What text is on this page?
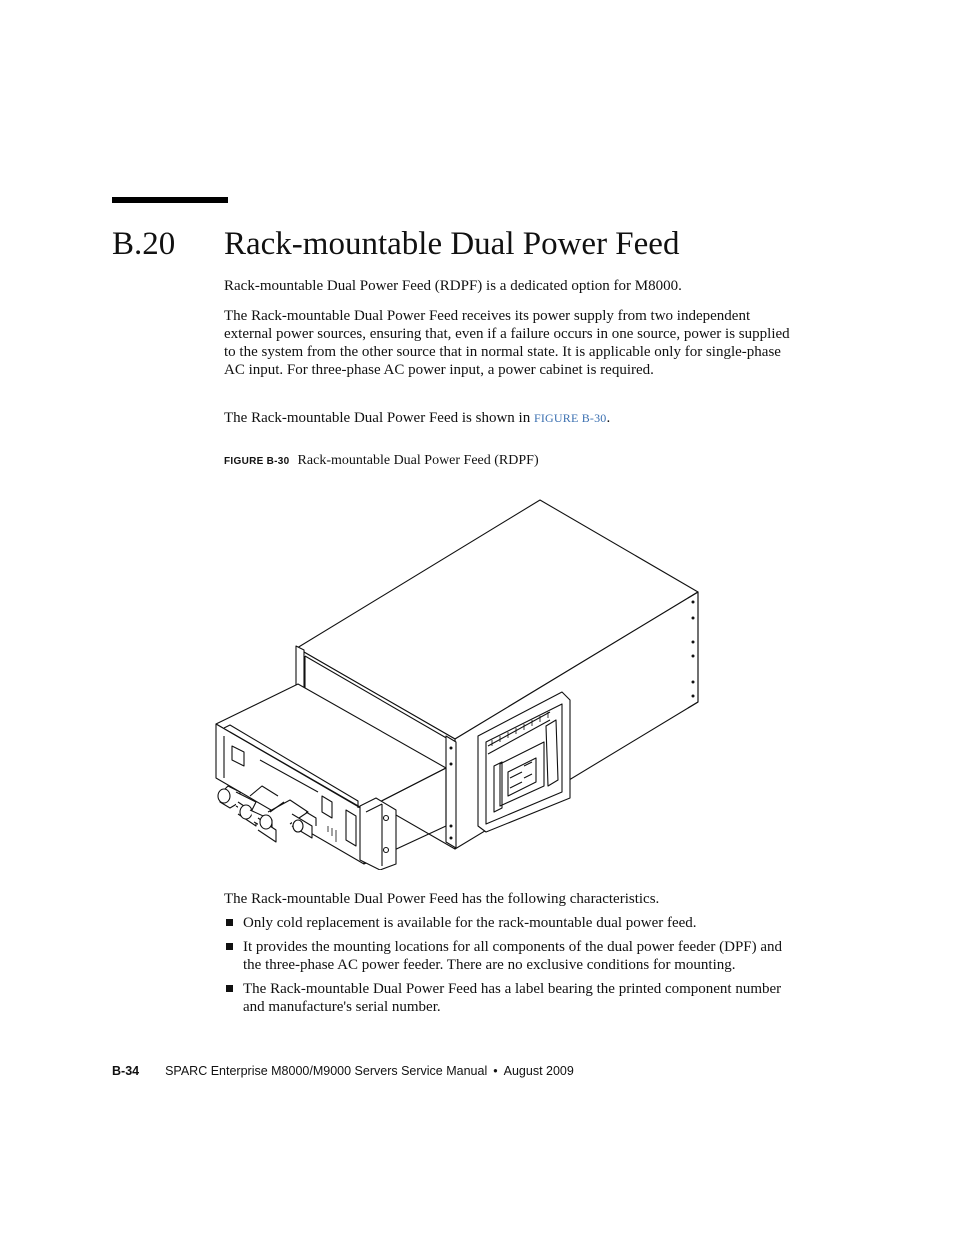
B.20 Rack-mountable Dual Power Feed

Rack-mountable Dual Power Feed (RDPF) is a dedicated option for M8000.

The Rack-mountable Dual Power Feed receives its power supply from two independent external power sources, ensuring that, even if a failure occurs in one source, power is supplied to the system from the other source that in normal state. It is applicable only for single-phase AC input. For three-phase AC power input, a power cabinet is required.

The Rack-mountable Dual Power Feed is shown in FIGURE B-30.

FIGURE B-30 Rack-mountable Dual Power Feed (RDPF)

The Rack-mountable Dual Power Feed has the following characteristics.

Only cold replacement is available for the rack-mountable dual power feed.
It provides the mounting locations for all components of the dual power feeder (DPF) and the three-phase AC power feeder. There are no exclusive conditions for mounting.
The Rack-mountable Dual Power Feed has a label bearing the printed component number and manufacture's serial number.
B-34 SPARC Enterprise M8000/M9000 Servers Service Manual • August 2009
